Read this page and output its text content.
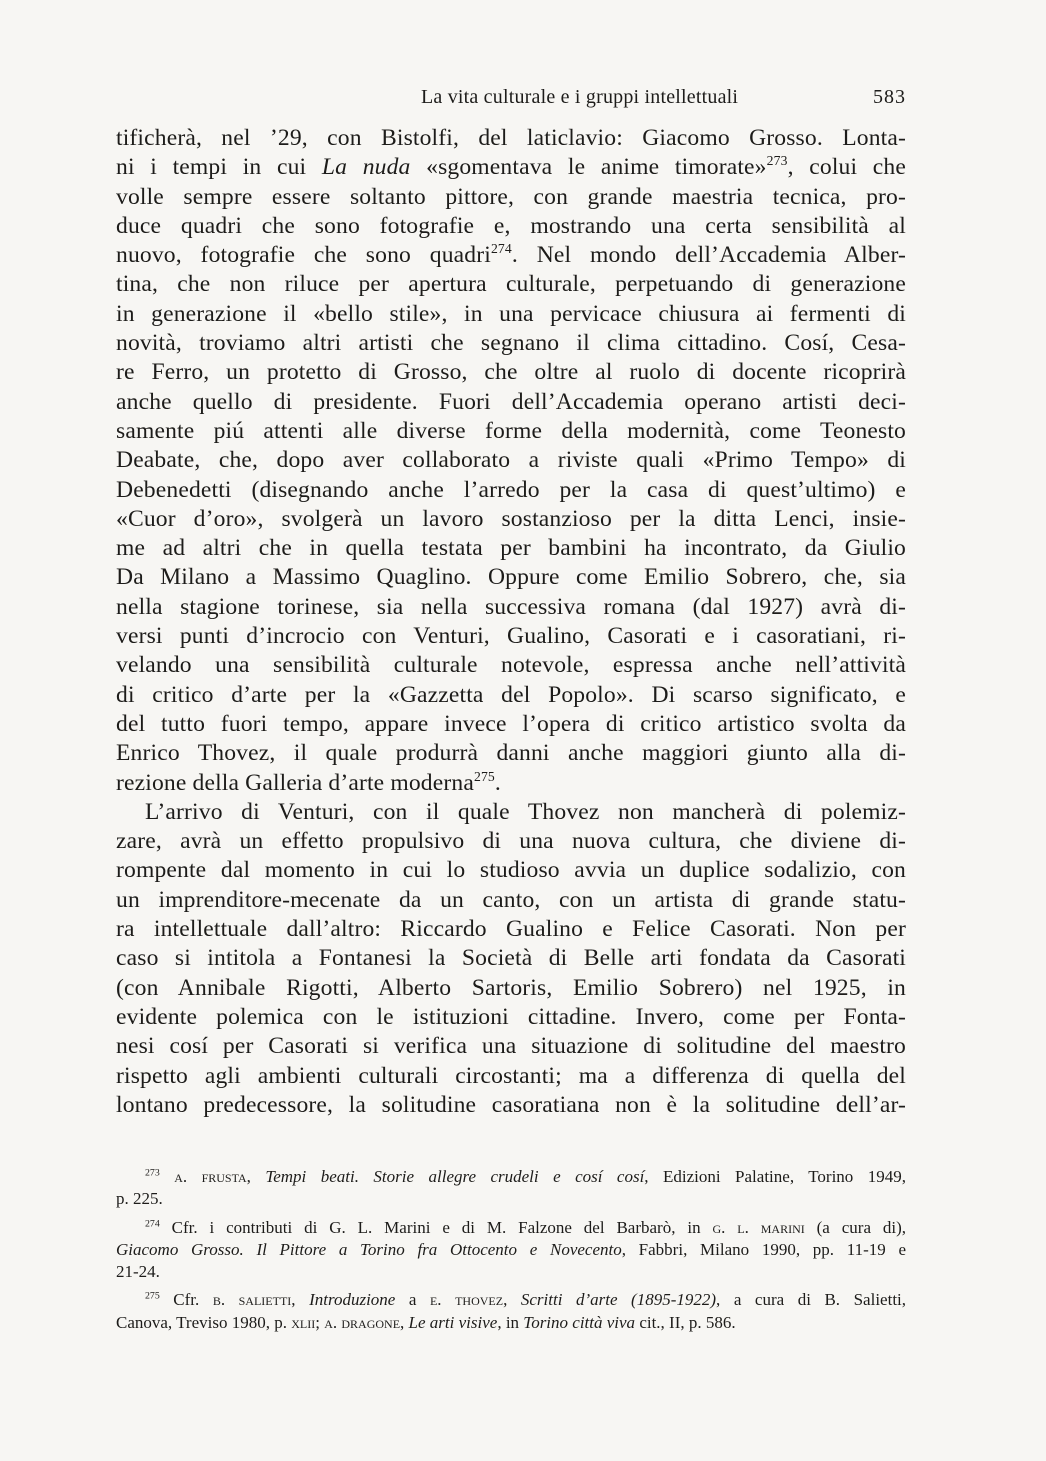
La vita culturale e i gruppi intellettuali	583
tificherà, nel ’29, con Bistolfi, del laticlavio: Giacomo Grosso. Lonta-
ni i tempi in cui La nuda «sgomentava le anime timorate»$^{273}$, colui che
volle sempre essere soltanto pittore, con grande maestria tecnica, pro-
duce quadri che sono fotografie e, mostrando una certa sensibilità al
nuovo, fotografie che sono quadri$^{274}$. Nel mondo dell’Accademia Alber-
tina, che non riluce per apertura culturale, perpetuando di generazione
in generazione il «bello stile», in una pervicace chiusura ai fermenti di
novità, troviamo altri artisti che segnano il clima cittadino. Cosí, Cesa-
re Ferro, un protetto di Grosso, che oltre al ruolo di docente ricoprirà
anche quello di presidente. Fuori dell’Accademia operano artisti deci-
samente piú attenti alle diverse forme della modernità, come Teonesto
Deabate, che, dopo aver collaborato a riviste quali «Primo Tempo» di
Debenedetti (disegnando anche l’arredo per la casa di quest’ultimo) e
«Cuor d’oro», svolgerà un lavoro sostanzioso per la ditta Lenci, insie-
me ad altri che in quella testata per bambini ha incontrato, da Giulio
Da Milano a Massimo Quaglino. Oppure come Emilio Sobrero, che, sia
nella stagione torinese, sia nella successiva romana (dal 1927) avrà di-
versi punti d’incrocio con Venturi, Gualino, Casorati e i casoratiani, ri-
velando una sensibilità culturale notevole, espressa anche nell’attività
di critico d’arte per la «Gazzetta del Popolo». Di scarso significato, e
del tutto fuori tempo, appare invece l’opera di critico artistico svolta da
Enrico Thovez, il quale produrrà danni anche maggiori giunto alla di-
rezione della Galleria d’arte moderna$^{275}$.
L’arrivo di Venturi, con il quale Thovez non mancherà di polemiz-
zare, avrà un effetto propulsivo di una nuova cultura, che diviene di-
rompente dal momento in cui lo studioso avvia un duplice sodalizio, con
un imprenditore-mecenate da un canto, con un artista di grande statu-
ra intellettuale dall’altro: Riccardo Gualino e Felice Casorati. Non per
caso si intitola a Fontanesi la Società di Belle arti fondata da Casorati
(con Annibale Rigotti, Alberto Sartoris, Emilio Sobrero) nel 1925, in
evidente polemica con le istituzioni cittadine. Invero, come per Fonta-
nesi cosí per Casorati si verifica una situazione di solitudine del maestro
rispetto agli ambienti culturali circostanti; ma a differenza di quella del
lontano predecessore, la solitudine casoratiana non è la solitudine dell’ar-
$^{273}$ a. frusta, Tempi beati. Storie allegre crudeli e cosí cosí, Edizioni Palatine, Torino 1949,
p. 225.
$^{274}$ Cfr. i contributi di G. L. Marini e di M. Falzone del Barbarò, in g. l. marini (a cura di),
Giacomo Grosso. Il Pittore a Torino fra Ottocento e Novecento, Fabbri, Milano 1990, pp. 11-19 e
21-24.
$^{275}$ Cfr. b. salietti, Introduzione a e. thovez, Scritti d’arte (1895-1922), a cura di B. Salietti,
Canova, Treviso 1980, p. xlii; a. dragone, Le arti visive, in Torino città viva cit., II, p. 586.
